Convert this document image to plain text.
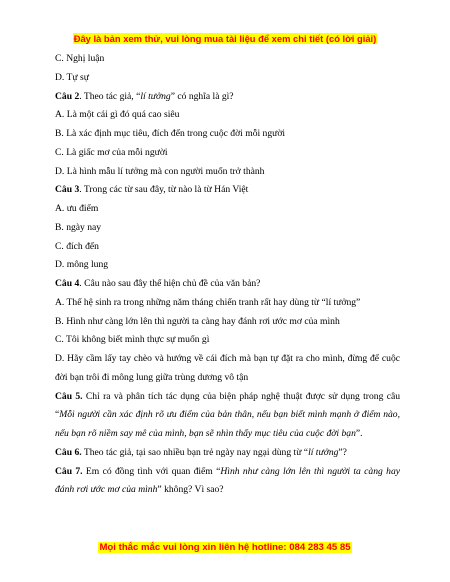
Đây là bản xem thử, vui lòng mua tài liệu để xem chi tiết (có lời giải)
C. Nghị luận
D. Tự sự
Câu 2. Theo tác giả, “lí tưởng” có nghĩa là gì?
A. Là một cái gì đó quá cao siêu
B. Là xác định mục tiêu, đích đến trong cuộc đời mỗi người
C. Là giấc mơ của mỗi người
D. Là hình mẫu lí tưởng mà con người muốn trở thành
Câu 3. Trong các từ sau đây, từ nào là từ Hán Việt
A. ưu điểm
B. ngày nay
C. đích đến
D. mông lung
Câu 4. Câu nào sau đây thể hiện chủ đề của văn bản?
A. Thế hệ sinh ra trong những năm tháng chiến tranh rất hay dùng từ “lí tưởng”
B. Hình như càng lớn lên thì người ta càng hay đánh rơi ước mơ của mình
C. Tôi không biết mình thực sự muốn gì
D. Hãy cầm lấy tay chèo và hướng về cái đích mà bạn tự đặt ra cho mình, đừng để cuộc đời bạn trôi đi mông lung giữa trùng dương vô tận
Câu 5. Chỉ ra và phân tích tác dụng của biện pháp nghệ thuật được sử dụng trong câu “Mỗi người cần xác định rõ ưu điểm của bản thân, nếu bạn biết mình mạnh ở điểm nào, nếu bạn rõ niềm say mê của mình, bạn sẽ nhìn thấy mục tiêu của cuộc đời bạn”.
Câu 6. Theo tác giả, tại sao nhiều bạn trẻ ngày nay ngại dùng từ “lí tưởng”?
Câu 7. Em có đồng tình với quan điểm “Hình như càng lớn lên thì người ta càng hay đánh rơi ước mơ của mình” không? Vì sao?
Mọi thắc mắc vui lòng xin liên hệ hotline: 084 283 45 85
